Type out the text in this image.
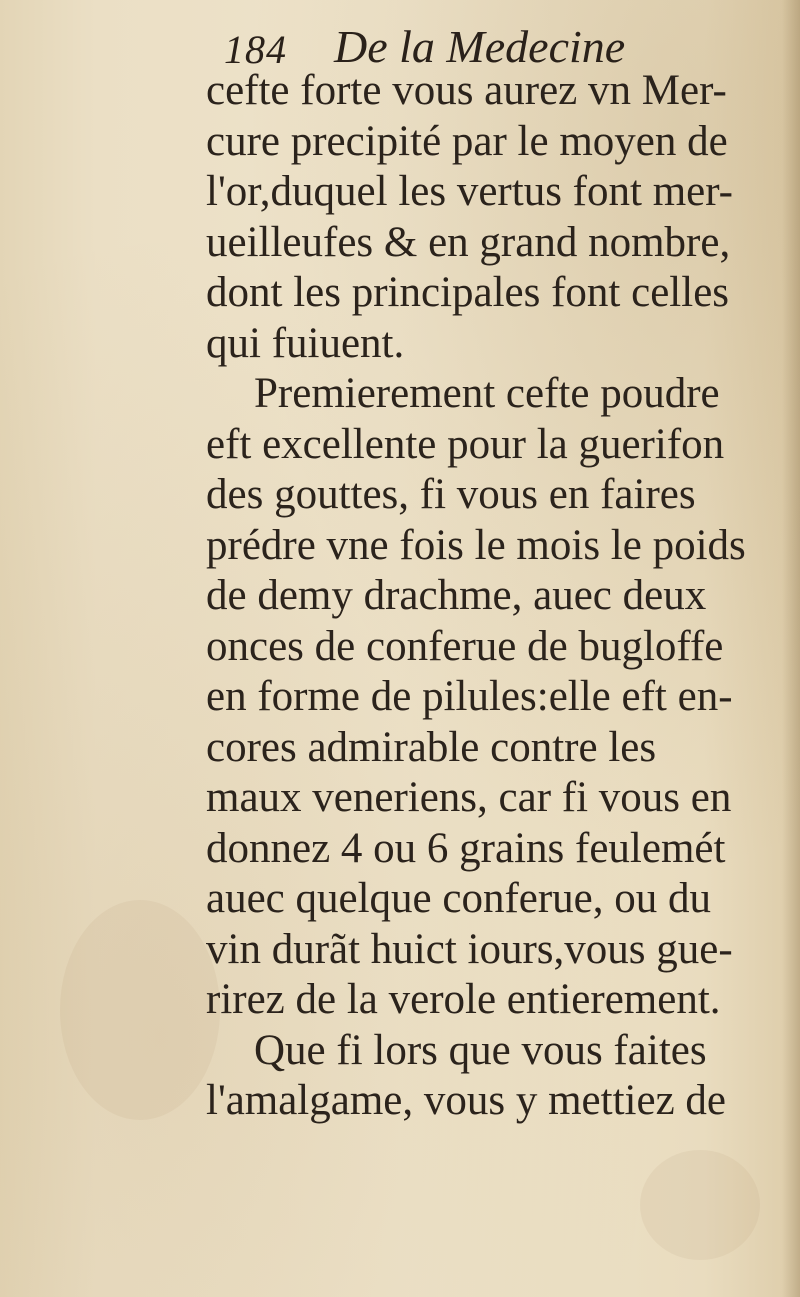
184 De la Medecine
cefte forte vous aurez vn Mer-
cure precipité par le moyen de
l'or,duquel les vertus font mer-
ueilleufes & en grand nombre,
dont les principales font celles
qui fuiuent.
Premierement cefte poudre
eft excellente pour la guerifon
des gouttes, fi vous en faires
prédre vne fois le mois le poids
de demy drachme, auec deux
onces de conferue de bugloffe
en forme de pilules:elle eft en-
cores admirable contre les
maux veneriens, car fi vous en
donnez 4 ou 6 grains feulemét
auec quelque conferue, ou du
vin durãt huict iours,vous gue-
rirez de la verole entierement.
Que fi lors que vous faites
l'amalgame, vous y mettiez de
